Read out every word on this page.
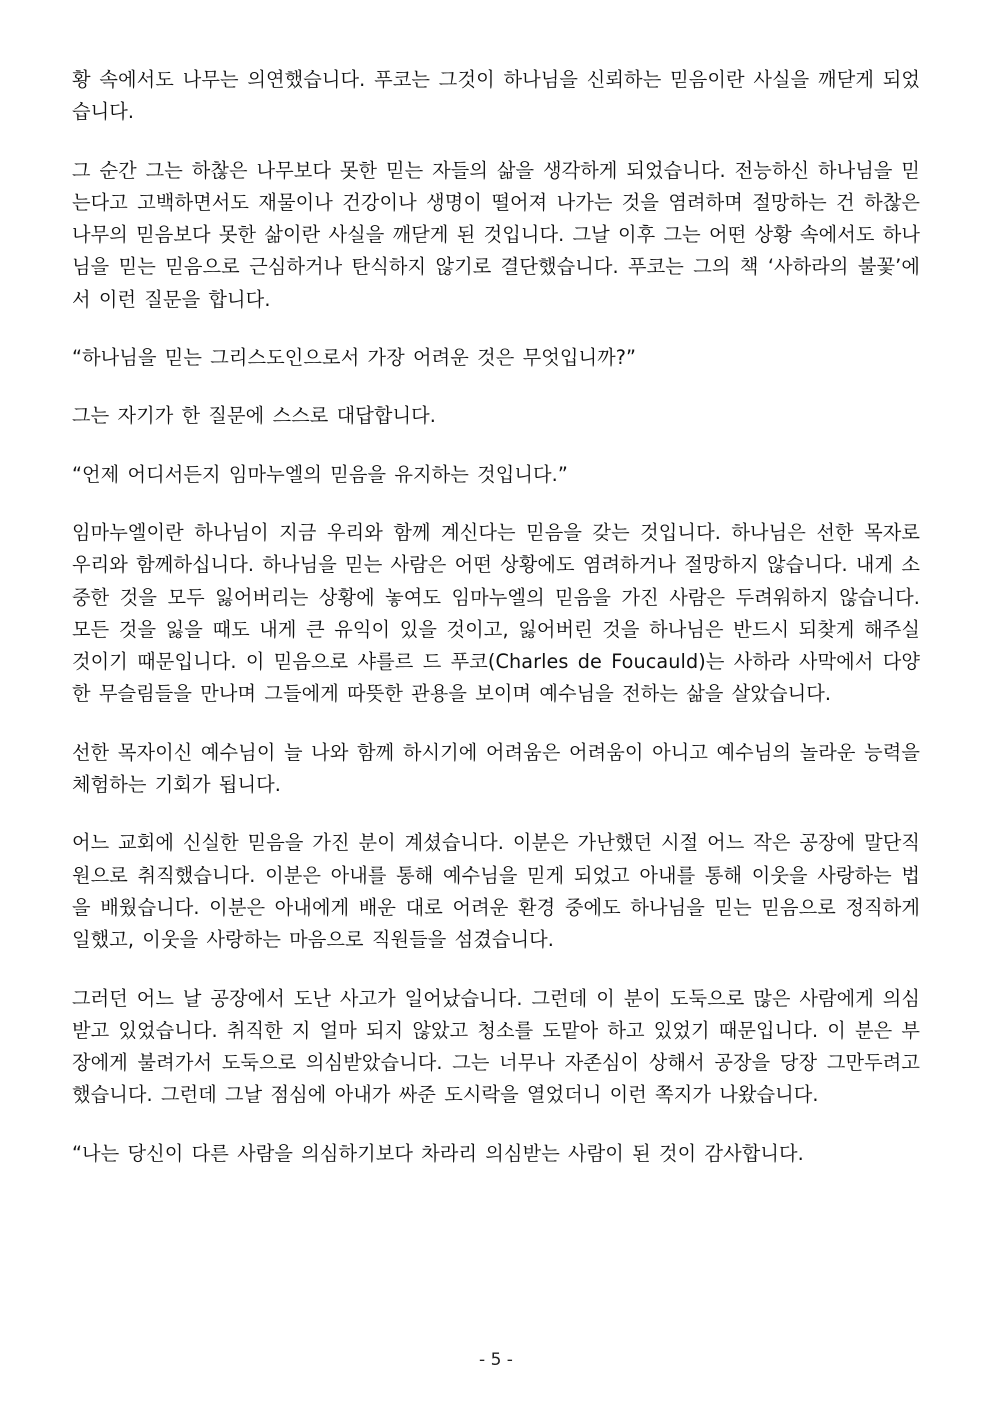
황 속에서도 나무는 의연했습니다. 푸코는 그것이 하나님을 신뢰하는 믿음이란 사실을 깨닫게 되었습니다.

그 순간 그는 하찮은 나무보다 못한 믿는 자들의 삶을 생각하게 되었습니다. 전능하신 하나님을 믿는다고 고백하면서도 재물이나 건강이나 생명이 떨어져 나가는 것을 염려하며 절망하는 건 하찮은 나무의 믿음보다 못한 삶이란 사실을 깨닫게 된 것입니다. 그날 이후 그는 어떤 상황 속에서도 하나님을 믿는 믿음으로 근심하거나 탄식하지 않기로 결단했습니다. 푸코는 그의 책 ‘사하라의 불꽃’에서 이런 질문을 합니다.

“하나님을 믿는 그리스도인으로서 가장 어려운 것은 무엇입니까?”

그는 자기가 한 질문에 스스로 대답합니다.

“언제 어디서든지 임마누엘의 믿음을 유지하는 것입니다.”

임마누엘이란 하나님이 지금 우리와 함께 계신다는 믿음을 갖는 것입니다. 하나님은 선한 목자로 우리와 함께하십니다. 하나님을 믿는 사람은 어떤 상황에도 염려하거나 절망하지 않습니다. 내게 소중한 것을 모두 잃어버리는 상황에 놓여도 임마누엘의 믿음을 가진 사람은 두려워하지 않습니다. 모든 것을 잃을 때도 내게 큰 유익이 있을 것이고, 잃어버린 것을 하나님은 반드시 되찾게 해주실 것이기 때문입니다. 이 믿음으로 샤를르 드 푸코(Charles de Foucauld)는 사하라 사막에서 다양한 무슬림들을 만나며 그들에게 따뜻한 관용을 보이며 예수님을 전하는 삶을 살았습니다.

선한 목자이신 예수님이 늘 나와 함께 하시기에 어려움은 어려움이 아니고 예수님의 놀라운 능력을 체험하는 기회가 됩니다.

어느 교회에 신실한 믿음을 가진 분이 계셨습니다. 이분은 가난했던 시절 어느 작은 공장에 말단직원으로 취직했습니다. 이분은 아내를 통해 예수님을 믿게 되었고 아내를 통해 이웃을 사랑하는 법을 배웠습니다. 이분은 아내에게 배운 대로 어려운 환경 중에도 하나님을 믿는 믿음으로 정직하게 일했고, 이웃을 사랑하는 마음으로 직원들을 섬겼습니다.

그러던 어느 날 공장에서 도난 사고가 일어났습니다. 그런데 이 분이 도둑으로 많은 사람에게 의심받고 있었습니다. 취직한 지 얼마 되지 않았고 청소를 도맡아 하고 있었기 때문입니다. 이 분은 부장에게 불려가서 도둑으로 의심받았습니다. 그는 너무나 자존심이 상해서 공장을 당장 그만두려고 했습니다. 그런데 그날 점심에 아내가 싸준 도시락을 열었더니 이런 쪽지가 나왔습니다.

“나는 당신이 다른 사람을 의심하기보다 차라리 의심받는 사람이 된 것이 감사합니다.

- 5 -
